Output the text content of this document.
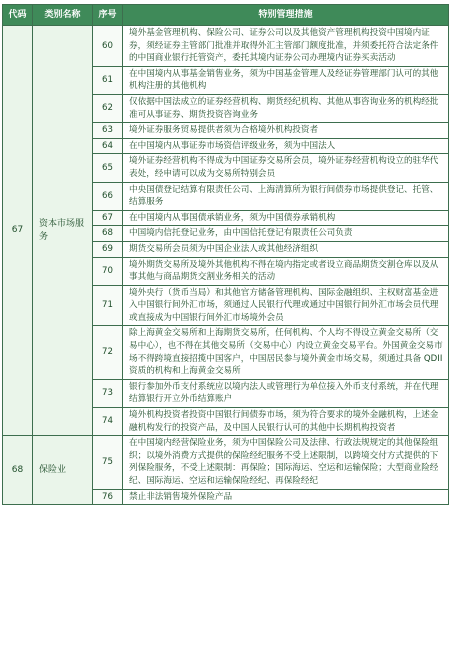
代码	类别名称	序号	特别管理措施
67	资本市场服务	60	境外基金管理机构、保险公司、证券公司以及其他资产管理机构投资中国境内证券，须经证券主管部门批准并取得外汇主管部门额度批准，并须委托符合法定条件的中国商业银行托管资产，委托其境内证券公司办理境内证券买卖活动
		61	在中国境内从事基金销售业务，须为中国基金管理人及经证券管理部门认可的其他机构注册的其他机构
		62	仅依据中国法成立的证券经营机构、期货经纪机构、其他从事咨询业务的机构经批准可从事证券、期货投资咨询业务
		63	境外证券服务贸易提供者须为合格境外机构投资者
		64	在中国境内从事证券市场资信评级业务，须为中国法人
		65	境外证券经营机构不得成为中国证券交易所会员，境外证券经营机构设立的驻华代表处，经申请可以成为交易所特别会员
		66	中央国债登记结算有限责任公司、上海清算所为银行间债券市场提供登记、托管、结算服务
		67	在中国境内从事国债承销业务，须为中国债券承销机构
		68	中国境内信托登记业务，由中国信托登记有限责任公司负责
		69	期货交易所会员须为中国企业法人或其他经济组织
		70	境外期货交易所及境外其他机构不得在境内指定或者设立商品期货交割仓库以及从事其他与商品期货交割业务相关的活动
		71	境外央行（货币当局）和其他官方储备管理机构、国际金融组织、主权财富基金进入中国银行间外汇市场，须通过人民银行代理或通过中国银行间外汇市场会员代理或直接成为中国银行间外汇市场境外会员
		72	除上海黄金交易所和上海期货交易所，任何机构、个人均不得设立黄金交易所（交易中心），也不得在其他交易所（交易中心）内设立黄金交易平台。外国黄金交易市场不得跨境直接招揽中国客户，中国居民参与境外黄金市场交易，须通过具备 QDII 资质的机构和上海黄金交易所
		73	银行参加外币支付系统应以境内法人或管理行为单位接入外币支付系统，并在代理结算银行开立外币结算账户
		74	境外机构投资者投资中国银行间债券市场，须为符合要求的境外金融机构，上述金融机构发行的投资产品，及中国人民银行认可的其他中长期机构投资者
68	保险业	75	在中国境内经营保险业务，须为中国保险公司及法律、行政法规规定的其他保险组织；以境外消费方式提供的保险经纪服务不受上述限制，以跨境交付方式提供的下列保险服务，不受上述限制：再保险；国际海运、空运和运输保险；大型商业险经纪、国际海运、空运和运输保险经纪、再保险经纪
		76	禁止非法销售境外保险产品
